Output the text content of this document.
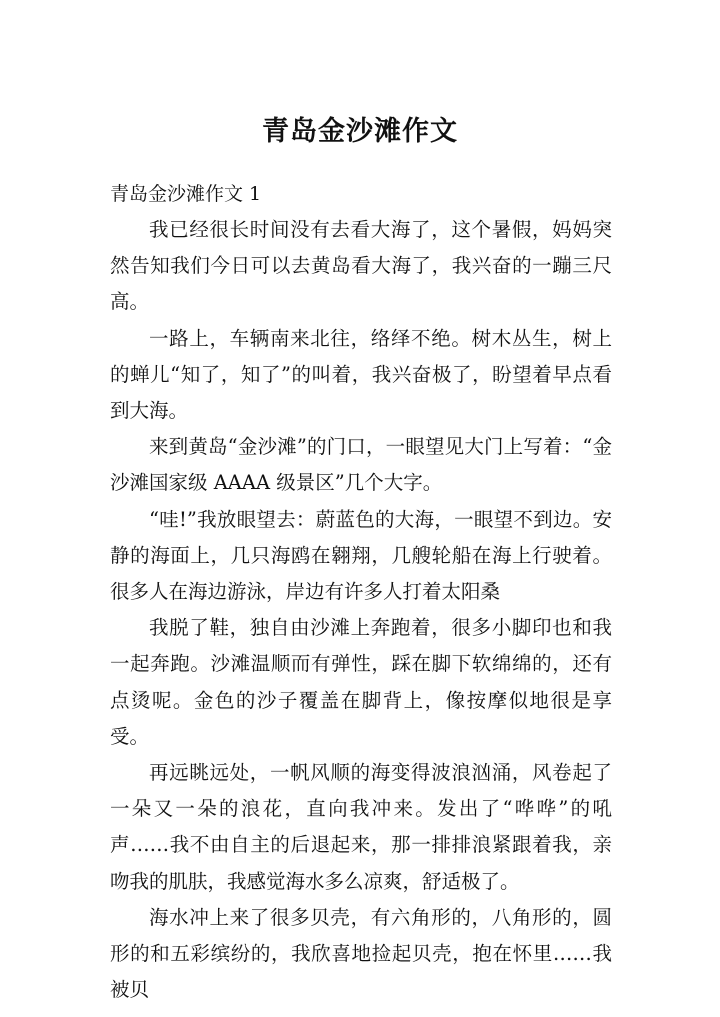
青岛金沙滩作文
青岛金沙滩作文 1

我已经很长时间没有去看大海了，这个暑假，妈妈突然告知我们今日可以去黄岛看大海了，我兴奋的一蹦三尺高。

一路上，车辆南来北往，络绎不绝。树木丛生，树上的蝉儿“知了，知了”的叫着，我兴奋极了，盼望着早点看到大海。

来到黄岛“金沙滩”的门口，一眼望见大门上写着：“金沙滩国家级 AAAA 级景区”几个大字。

“哇!”我放眼望去：蔚蓝色的大海，一眼望不到边。安静的海面上，几只海鸥在翱翔，几艘轮船在海上行驶着。很多人在海边游泳，岸边有许多人打着太阳桑

我脱了鞋，独自由沙滩上奔跑着，很多小脚印也和我一起奔跑。沙滩温顺而有弹性，踩在脚下软绵绵的，还有点烫呢。金色的沙子覆盖在脚背上，像按摩似地很是享受。

再远眺远处，一帆风顺的海变得波浪汹涌，风卷起了一朵又一朵的浪花，直向我冲来。发出了“哗哗”的吼声……我不由自主的后退起来，那一排排浪紧跟着我，亲吻我的肌肤，我感觉海水多么凉爽，舒适极了。

海水冲上来了很多贝壳，有六角形的，八角形的，圆形的和五彩缤纷的，我欣喜地捡起贝壳，抱在怀里……我被贝
